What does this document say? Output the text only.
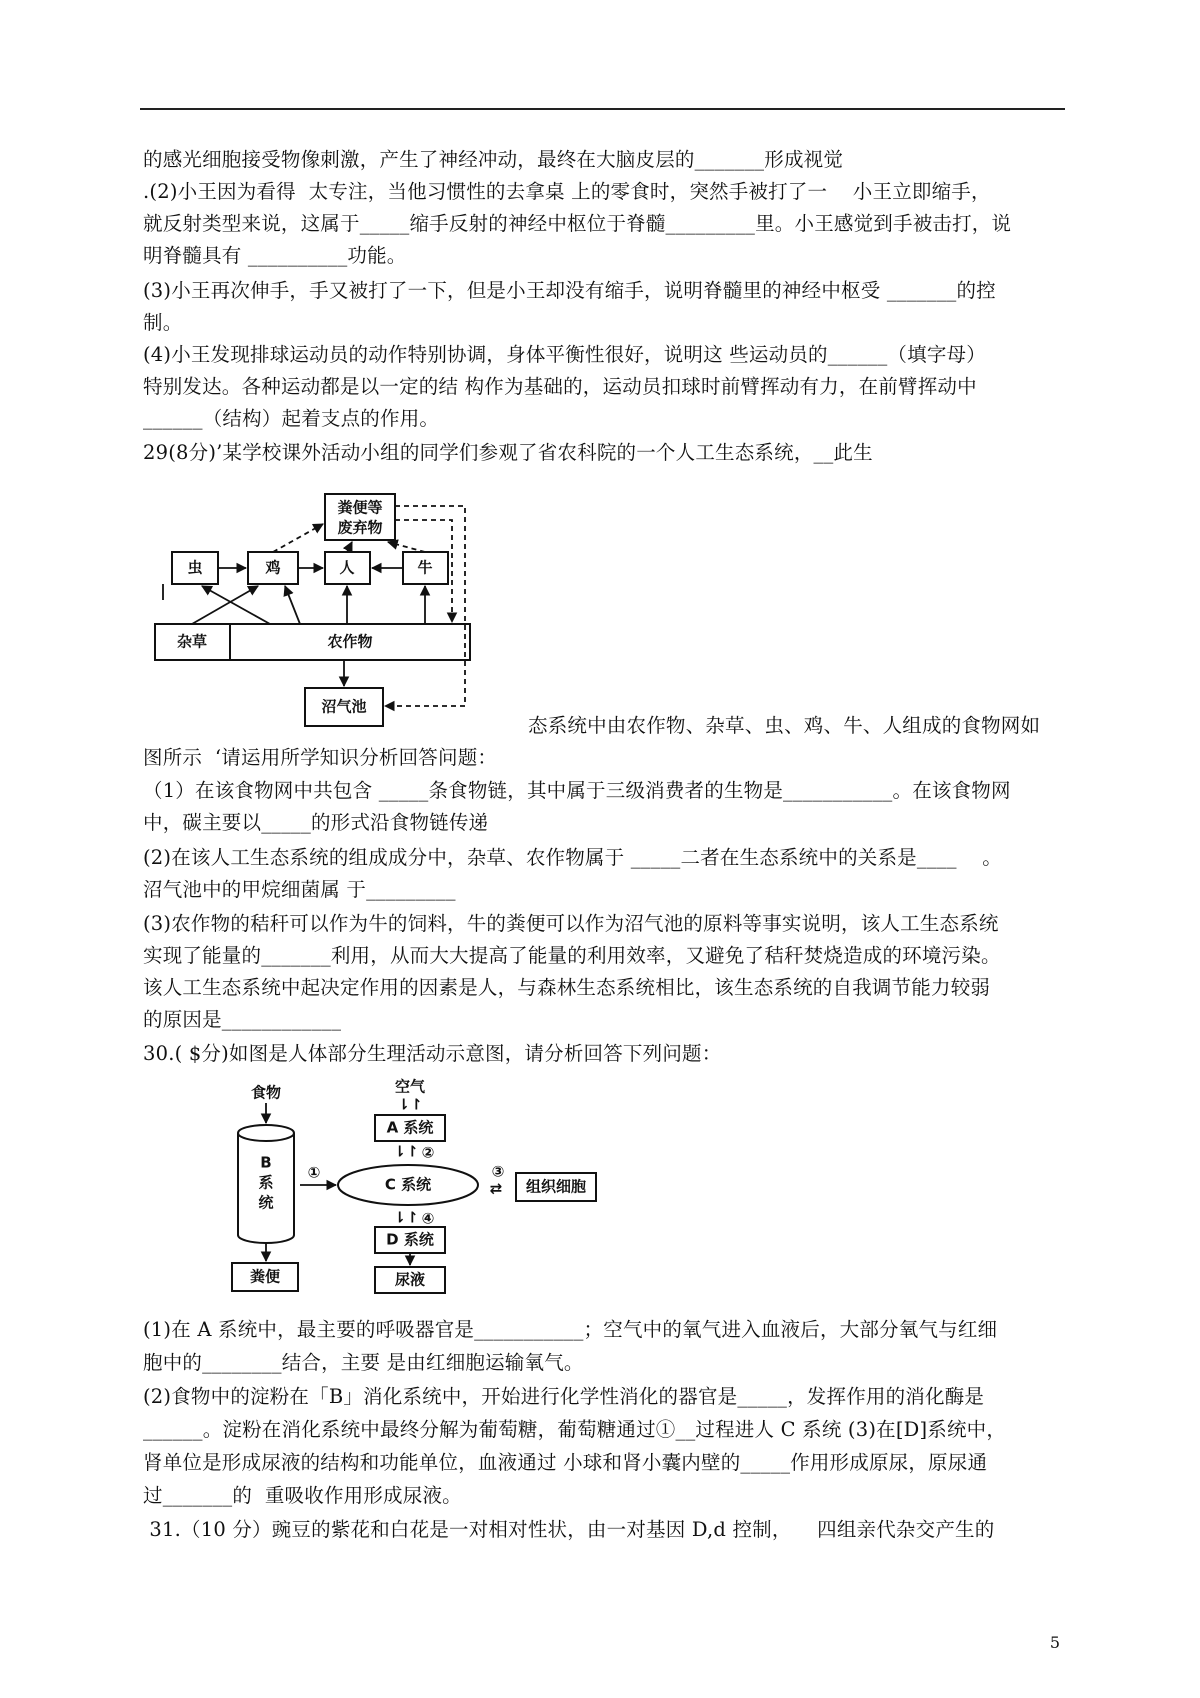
的感光细胞接受物像刺激，产生了神经冲动，最终在大脑皮层的_______形成视觉
.(2)小王因为看得  太专注，当他习惯性的去拿桌 上的零食时，突然手被打了一    小王立即缩手，
就反射类型来说，这属于_____缩手反射的神经中枢位于脊髓_________里。小王感觉到手被击打，说
明脊髓具有 __________功能。
(3)小王再次伸手，手又被打了一下，但是小王却没有缩手，说明脊髓里的神经中枢受 _______的控
制。
(4)小王发现排球运动员的动作特别协调，身体平衡性很好，说明这 些运动员的______（填字母）
特别发达。各种运动都是以一定的结 构作为基础的，运动员扣球时前臂挥动有力，在前臂挥动中
______（结构）起着支点的作用。
29(8分)’某学校课外活动小组的同学们参观了省农科院的一个人工生态系统，__此生
粪便等
废弃物
虫	鸡	人	牛
杂草	农作物
沼气池
态系统中由农作物、杂草、虫、鸡、牛、人组成的食物网如
图所示  ‘请运用所学知识分析回答问题：
（1）在该食物网中共包含 _____条食物链，其中属于三级消费者的生物是___________。在该食物网
中，碳主要以_____的形式沿食物链传递
(2)在该人工生态系统的组成成分中，杂草、农作物属于 _____二者在生态系统中的关系是____    。
沼气池中的甲烷细菌属 于_________
(3)农作物的秸秆可以作为牛的饲料，牛的粪便可以作为沼气池的原料等事实说明，该人工生态系统
实现了能量的_______利用，从而大大提高了能量的利用效率，又避免了秸秆焚烧造成的环境污染。
该人工生态系统中起决定作用的因素是人，与森林生态系统相比，该生态系统的自我调节能力较弱
的原因是____________
30.( $分)如图是人体部分生理活动示意图，请分析回答下列问题：
食物
B
系
统
粪便
①
C 系统
空气
⇂↾
A 系统
⇂↾ ②
③
⇄ 组织细胞
⇂↾ ④
D 系统
尿液
(1)在 A 系统中，最主要的呼吸器官是___________；空气中的氧气进入血液后，大部分氧气与红细
胞中的________结合，主要 是由红细胞运输氧气。
(2)食物中的淀粉在「B」消化系统中，开始进行化学性消化的器官是_____，发挥作用的消化酶是
______。淀粉在消化系统中最终分解为葡萄糖，葡萄糖通过①__过程进人 C 系统 (3)在[D]系统中，
肾单位是形成尿液的结构和功能单位，血液通过 小球和肾小囊内壁的_____作用形成原尿，原尿通
过_______的  重吸收作用形成尿液。
31.（10 分）豌豆的紫花和白花是一对相对性状，由一对基因 D,d 控制，    四组亲代杂交产生的
5
